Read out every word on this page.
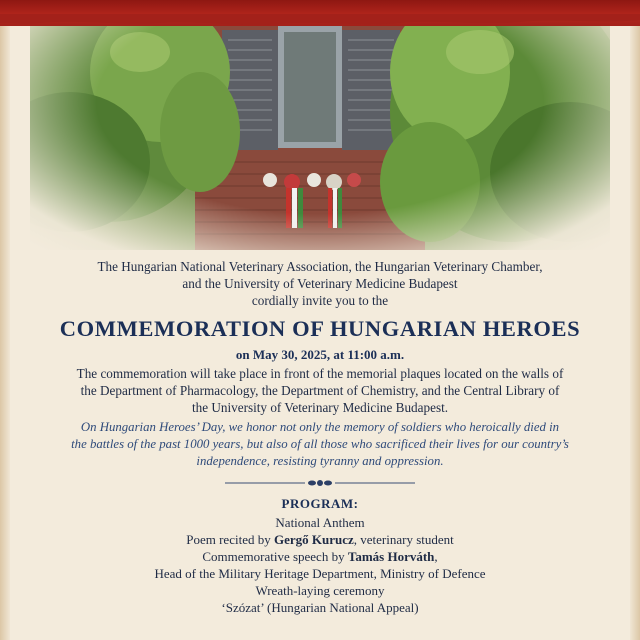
The Hungarian National Veterinary Association, the Hungarian Veterinary Chamber,
and the University of Veterinary Medicine Budapest
cordially invite you to the
COMMEMORATION OF HUNGARIAN HEROES
on May 30, 2025, at 11:00 a.m.
The commemoration will take place in front of the memorial plaques located on the walls of
the Department of Pharmacology, the Department of Chemistry, and the Central Library of
the University of Veterinary Medicine Budapest.
On Hungarian Heroes’ Day, we honor not only the memory of soldiers who heroically died in
the battles of the past 1000 years, but also of all those who sacrificed their lives for our country’s
independence, resisting tyranny and oppression.
PROGRAM:
National Anthem
Poem recited by Gergő Kurucz, veterinary student
Commemorative speech by Tamás Horváth,
Head of the Military Heritage Department, Ministry of Defence
Wreath-laying ceremony
‘Szózat’ (Hungarian National Appeal)
